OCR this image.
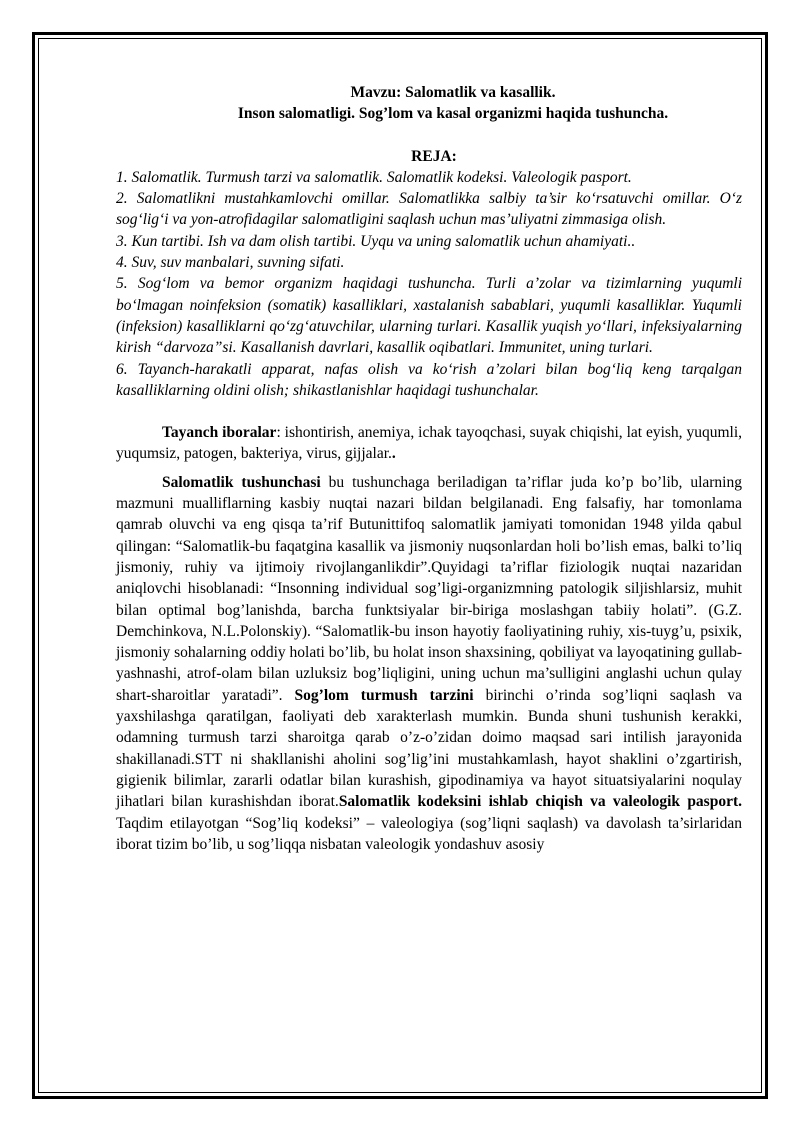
Mavzu: Salomatlik va kasallik.
Inson salomatligi. Sog’lom va kasal organizmi haqida tushuncha.
REJA:
1. Salomatlik. Turmush tarzi va salomatlik. Salomatlik kodeksi. Valeologik pasport.
2. Salomatlikni mustahkamlovchi omillar. Salomatlikka salbiy ta’sir ko‘rsatuvchi omillar. O‘z sog‘lig‘i va yon-atrofidagilar salomatligini saqlash uchun mas’uliyatni zimmasiga olish.
3. Kun tartibi. Ish va dam olish tartibi. Uyqu va uning salomatlik uchun ahamiyati..
4. Suv, suv manbalari, suvning sifati.
5. Sog‘lom va bemor organizm haqidagi tushuncha. Turli a’zolar va tizimlarning yuqumli bo‘lmagan noinfeksion (somatik) kasalliklari, xastalanish sabablari, yuqumli kasalliklar. Yuqumli (infeksion) kasalliklarni qo‘zg‘atuvchilar, ularning turlari. Kasallik yuqish yo‘llari, infeksiyalarning kirish “darvoza”si. Kasallanish davrlari, kasallik oqibatlari. Immunitet, uning turlari.
6. Tayanch-harakatli apparat, nafas olish va ko‘rish a’zolari bilan bog‘liq keng tarqalgan kasalliklarning oldini olish; shikastlanishlar haqidagi tushunchalar.

Tayanch iboralar: ishontirish, anemiya, ichak tayoqchasi, suyak chiqishi, lat eyish, yuqumli, yuqumsiz, patogen, bakteriya, virus, gijjalar..

Salomatlik tushunchasi bu tushunchaga beriladigan ta’riflar juda ko’p bo’lib, ularning mazmuni mualliflarning kasbiy nuqtai nazari bildan belgilanadi. Eng falsafiy, har tomonlama qamrab oluvchi va eng qisqa ta’rif Butunittifoq salomatlik jamiyati tomonidan 1948 yilda qabul qilingan: “Salomatlik-bu faqatgina kasallik va jismoniy nuqsonlardan holi bo’lish emas, balki to’liq jismoniy, ruhiy va ijtimoiy rivojlanganlikdir”.Quyidagi ta’riflar fiziologik nuqtai nazaridan aniqlovchi hisoblanadi: “Insonning individual sog’ligi-organizmning patologik siljishlarsiz, muhit bilan optimal bog’lanishda, barcha funktsiyalar bir-biriga moslashgan tabiiy holati”. (G.Z. Demchinkova, N.L.Polonskiy). “Salomatlik-bu inson hayotiy faoliyatining ruhiy, xis-tuyg’u, psixik, jismoniy sohalarning oddiy holati bo’lib, bu holat inson shaxsining, qobiliyat va layoqatining gullab-yashnashi, atrof-olam bilan uzluksiz bog’liqligini, uning uchun ma’sulligini anglashi uchun qulay shart-sharoitlar yaratadi”. Sog’lom turmush tarzini birinchi o’rinda sog’liqni saqlash va yaxshilashga qaratilgan, faoliyati deb xarakterlash mumkin. Bunda shuni tushunish kerakki, odamning turmush tarzi sharoitga qarab o’z-o’zidan doimo maqsad sari intilish jarayonida shakillanadi.STT ni shakllanishi aholini sog’lig’ini mustahkamlash, hayot shaklini o’zgartirish, gigienik bilimlar, zararli odatlar bilan kurashish, gipodinamiya va hayot situatsiyalarini noqulay jihatlari bilan kurashishdan iborat.Salomatlik kodeksini ishlab chiqish va valeologik pasport. Taqdim etilayotgan “Sog’liq kodeksi” – valeologiya (sog’liqni saqlash) va davolash ta’sirlaridan iborat tizim bo’lib, u sog’liqqa nisbatan valeologik yondashuv asosiy
